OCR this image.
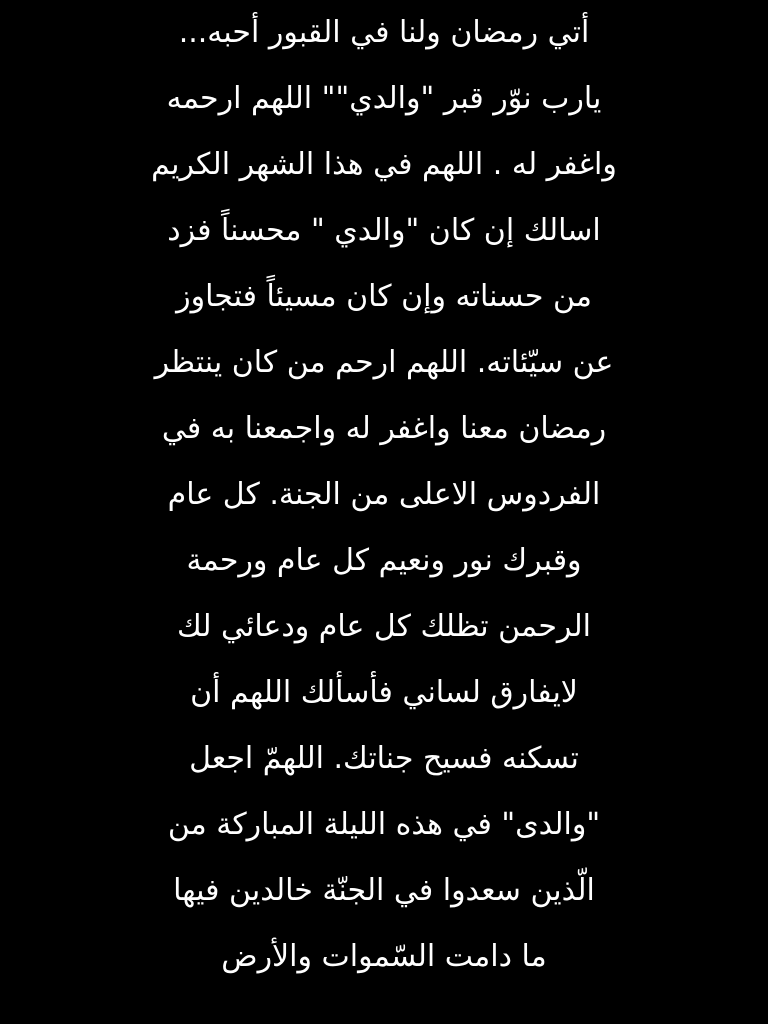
أتي رمضان ولنا في القبور أحبه...

يارب نوّر قبر "والدي"" اللهم ارحمه

واغفر له . اللهم في هذا الشهر الكريم

اسالك إن كان "والدي " محسناً فزد

من حسناته وإن كان مسيئاً فتجاوز

عن سيّئاته. اللهم ارحم من كان ينتظر

رمضان معنا واغفر له واجمعنا به في

الفردوس الاعلى من الجنة. كل عام

وقبرك نور ونعيم كل عام ورحمة

الرحمن تظلك كل عام ودعائي لك

لايفارق لساني فأسألك اللهم أن

تسكنه فسيح جناتك. اللهمّ اجعل

"والدى" في هذه الليلة المباركة من

الّذين سعدوا في الجنّة خالدين فيها

ما دامت السّموات والأرض
